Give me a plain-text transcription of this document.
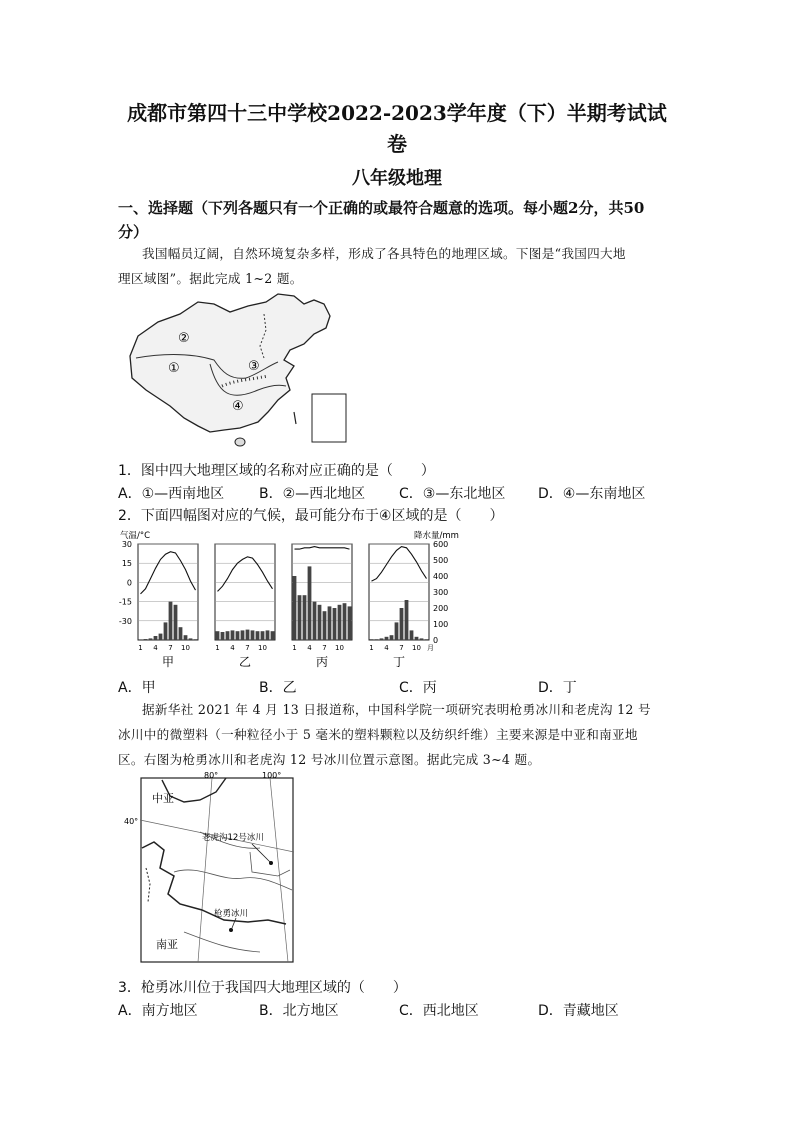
成都市第四十三中学校2022-2023学年度（下）半期考试试
卷
八年级地理
一、选择题（下列各题只有一个正确的或最符合题意的选项。每小题2分，共50
分）
我国幅员辽阔，自然环境复杂多样，形成了各具特色的地理区域。下图是“我国四大地
理区域图”。据此完成 1~2 题。
②
①	③
④
1．图中四大地理区域的名称对应正确的是（　　）
A．①—西南地区 B．②—西北地区 C．③—东北地区 D．④—东南地区
2．下面四幅图对应的气候，最可能分布于④区域的是（　　）
气温/°C	降水量/mm
30
15
0
-15
-30
600
500
400
300
200
100
0
1 4 7 10
甲
1 4 7 10
乙
1 4 7 10
丙
1 4 7 10 月
丁
A．甲	B．乙	C．丙	D．丁
据新华社 2021 年 4 月 13 日报道称，中国科学院一项研究表明枪勇冰川和老虎沟 12 号
冰川中的微塑料（一种粒径小于 5 毫米的塑料颗粒以及纺织纤维）主要来源是中亚和南亚地
区。右图为枪勇冰川和老虎沟 12 号冰川位置示意图。据此完成 3~4 题。
80°	100°
40°
中亚
南亚
老虎沟12号冰川
枪勇冰川
3．枪勇冰川位于我国四大地理区域的（　　）
A．南方地区	B．北方地区	C．西北地区	D．青藏地区
